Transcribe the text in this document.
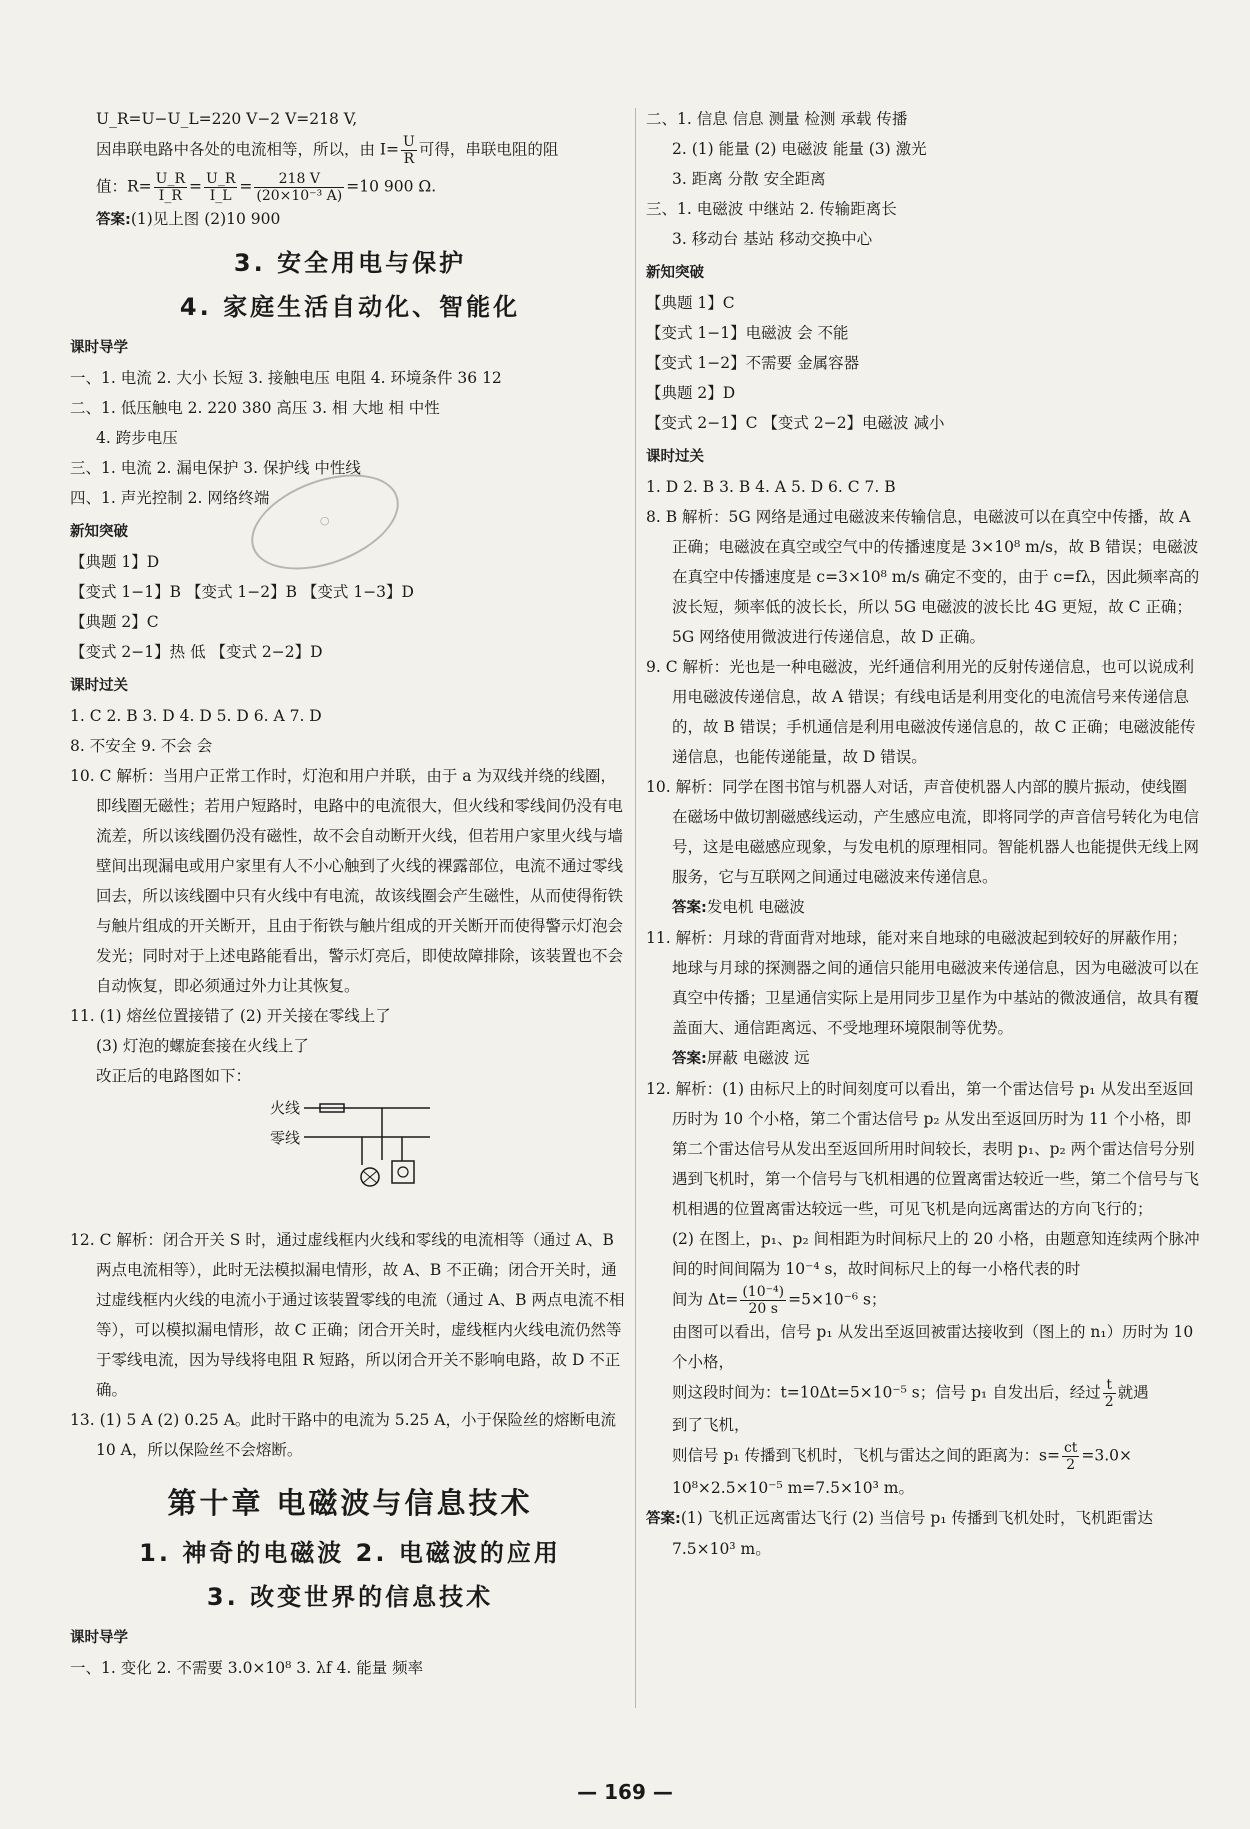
U_R=U−U_L=220 V−2 V=218 V,

因串联电路中各处的电流相等，所以，由 $I= \frac{U}{R}$ 可得，串联电阻的阻

值：$R= \frac{U\_R}{I\_R} = \frac{U\_R}{I\_L} = \frac{218 V}{\text{(20×10⁻³ A)}} =10$ 900 Ω.

答案:(1)见上图 (2)10 900

3. 安全用电与保护

4. 家庭生活自动化、智能化

课时导学

一、1. 电流 2. 大小 长短 3. 接触电压 电阻 4. 环境条件 36 12

二、1. 低压触电 2. 220 380 高压 3. 相 大地 相 中性

4. 跨步电压

三、1. 电流 2. 漏电保护 3. 保护线 中性线

四、1. 声光控制 2. 网络终端

新知突破

【典题 1】D

【变式 1−1】B 【变式 1−2】B 【变式 1−3】D

【典题 2】C

【变式 2−1】热 低 【变式 2−2】D

课时过关

1. C 2. B 3. D 4. D 5. D 6. A 7. D

8. 不安全 9. 不会 会

10. C 解析：当用户正常工作时，灯泡和用户并联，由于 a 为双线并绕的线圈，即线圈无磁性；若用户短路时，电路中的电流很大，但火线和零线间仍没有电流差，所以该线圈仍没有磁性，故不会自动断开火线，但若用户家里火线与墙壁间出现漏电或用户家里有人不小心触到了火线的裸露部位，电流不通过零线回去，所以该线圈中只有火线中有电流，故该线圈会产生磁性，从而使得衔铁与触片组成的开关断开，且由于衔铁与触片组成的开关断开而使得警示灯泡会发光；同时对于上述电路能看出，警示灯亮后，即使故障排除，该装置也不会自动恢复，即必须通过外力让其恢复。

11. (1) 熔丝位置接错了 (2) 开关接在零线上了

(3) 灯泡的螺旋套接在火线上了

改正后的电路图如下：

火线
零线

12. C 解析：闭合开关 S 时，通过虚线框内火线和零线的电流相等（通过 A、B 两点电流相等），此时无法模拟漏电情形，故 A、B 不正确；闭合开关时，通过虚线框内火线的电流小于通过该装置零线的电流（通过 A、B 两点电流不相等），可以模拟漏电情形，故 C 正确；闭合开关时，虚线框内火线电流仍然等于零线电流，因为导线将电阻 R 短路，所以闭合开关不影响电路，故 D 不正确。

13. (1) 5 A (2) 0.25 A。此时干路中的电流为 5.25 A，小于保险丝的熔断电流 10 A，所以保险丝不会熔断。

第十章 电磁波与信息技术

1. 神奇的电磁波 2. 电磁波的应用

3. 改变世界的信息技术

课时导学

一、1. 变化 2. 不需要 3.0×10⁸ 3. λf 4. 能量 频率

○

二、1. 信息 信息 测量 检测 承载 传播

2. (1) 能量 (2) 电磁波 能量 (3) 激光

3. 距离 分散 安全距离

三、1. 电磁波 中继站 2. 传输距离长

3. 移动台 基站 移动交换中心

新知突破

【典题 1】C

【变式 1−1】电磁波 会 不能

【变式 1−2】不需要 金属容器

【典题 2】D

【变式 2−1】C 【变式 2−2】电磁波 减小

课时过关

1. D 2. B 3. B 4. A 5. D 6. C 7. B

8. B 解析：5G 网络是通过电磁波来传输信息，电磁波可以在真空中传播，故 A 正确；电磁波在真空或空气中的传播速度是 3×10⁸ m/s，故 B 错误；电磁波在真空中传播速度是 c=3×10⁸ m/s 确定不变的，由于 c=fλ，因此频率高的波长短，频率低的波长长，所以 5G 电磁波的波长比 4G 更短，故 C 正确；5G 网络使用微波进行传递信息，故 D 正确。

9. C 解析：光也是一种电磁波，光纤通信利用光的反射传递信息，也可以说成利用电磁波传递信息，故 A 错误；有线电话是利用变化的电流信号来传递信息的，故 B 错误；手机通信是利用电磁波传递信息的，故 C 正确；电磁波能传递信息，也能传递能量，故 D 错误。

10. 解析：同学在图书馆与机器人对话，声音使机器人内部的膜片振动，使线圈在磁场中做切割磁感线运动，产生感应电流，即将同学的声音信号转化为电信号，这是电磁感应现象，与发电机的原理相同。智能机器人也能提供无线上网服务，它与互联网之间通过电磁波来传递信息。

答案:发电机 电磁波

11. 解析：月球的背面背对地球，能对来自地球的电磁波起到较好的屏蔽作用；地球与月球的探测器之间的通信只能用电磁波来传递信息，因为电磁波可以在真空中传播；卫星通信实际上是用同步卫星作为中基站的微波通信，故具有覆盖面大、通信距离远、不受地理环境限制等优势。

答案:屏蔽 电磁波 远

12. 解析：(1) 由标尺上的时间刻度可以看出，第一个雷达信号 p₁ 从发出至返回历时为 10 个小格，第二个雷达信号 p₂ 从发出至返回历时为 11 个小格，即第二个雷达信号从发出至返回所用时间较长，表明 p₁、p₂ 两个雷达信号分别遇到飞机时，第一个信号与飞机相遇的位置离雷达较近一些，第二个信号与飞机相遇的位置离雷达较远一些，可见飞机是向远离雷达的方向飞行的；

(2) 在图上，p₁、p₂ 间相距为时间标尺上的 20 小格，由题意知连续两个脉冲间的时间间隔为 10⁻⁴ s，故时间标尺上的每一小格代表的时

间为 $\Delta t= \frac{\text{(10⁻⁴)}}{20 s} =5\times 10^{-6}$ s；

由图可以看出，信号 p₁ 从发出至返回被雷达接收到（图上的 n₁）历时为 10 个小格，

则这段时间为：t=10Δt=5×10⁻⁵ s；信号 p₁ 自发出后，经过 $\frac{t}{2}$ 就遇

到了飞机，

则信号 p₁ 传播到飞机时，飞机与雷达之间的距离为：$s= \frac{ct}{2} =3.0\times$

10⁸×2.5×10⁻⁵ m=7.5×10³ m。

答案:(1) 飞机正远离雷达飞行 (2) 当信号 p₁ 传播到飞机处时，飞机距雷达 7.5×10³ m。

— 169 —
